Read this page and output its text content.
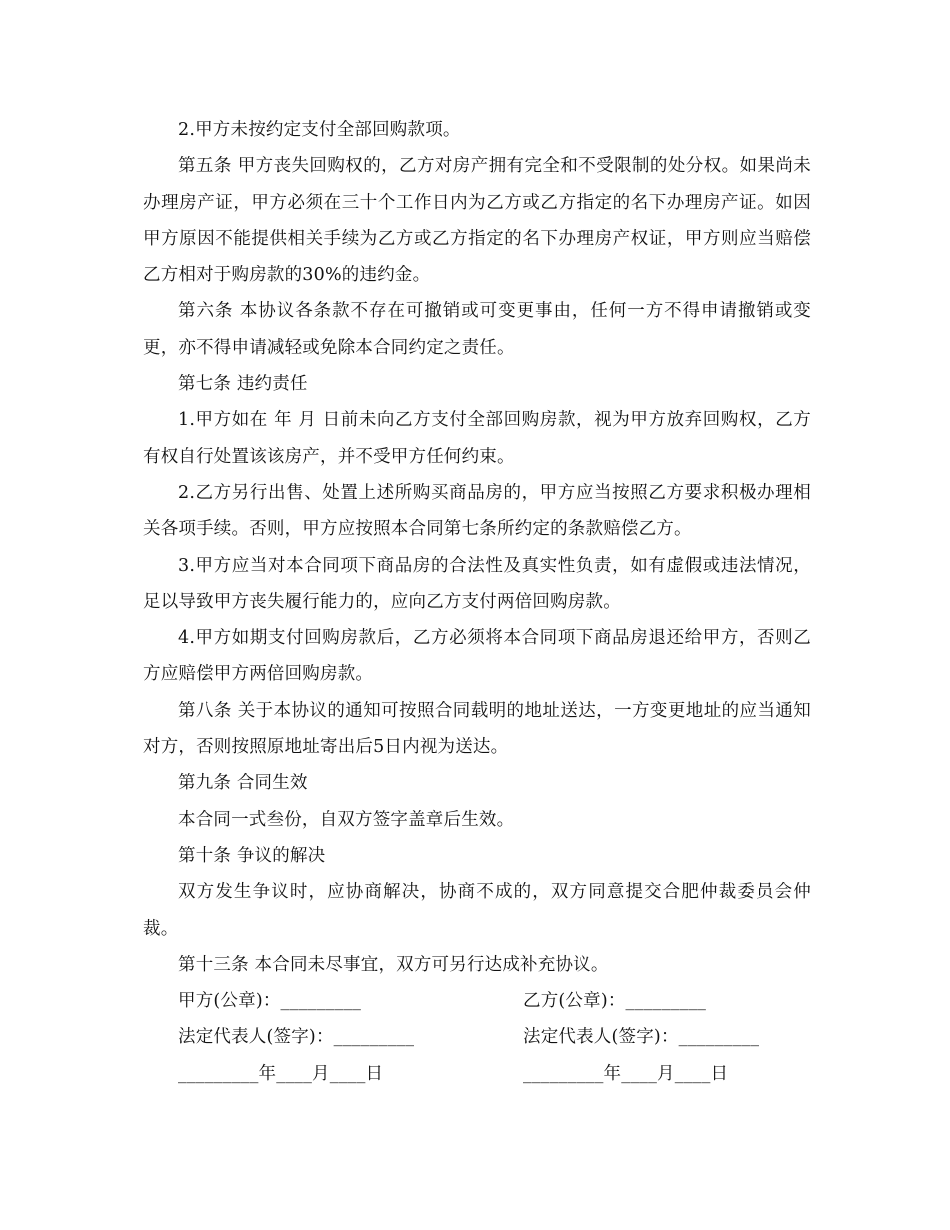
2.甲方未按约定支付全部回购款项。

第五条 甲方丧失回购权的，乙方对房产拥有完全和不受限制的处分权。如果尚未办理房产证，甲方必须在三十个工作日内为乙方或乙方指定的名下办理房产证。如因甲方原因不能提供相关手续为乙方或乙方指定的名下办理房产权证，甲方则应当赔偿乙方相对于购房款的30%的违约金。

第六条 本协议各条款不存在可撤销或可变更事由，任何一方不得申请撤销或变更，亦不得申请减轻或免除本合同约定之责任。

第七条 违约责任

1.甲方如在 年 月 日前未向乙方支付全部回购房款，视为甲方放弃回购权，乙方有权自行处置该该房产，并不受甲方任何约束。

2.乙方另行出售、处置上述所购买商品房的，甲方应当按照乙方要求积极办理相关各项手续。否则，甲方应按照本合同第七条所约定的条款赔偿乙方。

3.甲方应当对本合同项下商品房的合法性及真实性负责，如有虚假或违法情况，足以导致甲方丧失履行能力的，应向乙方支付两倍回购房款。

4.甲方如期支付回购房款后，乙方必须将本合同项下商品房退还给甲方，否则乙方应赔偿甲方两倍回购房款。

第八条 关于本协议的通知可按照合同载明的地址送达，一方变更地址的应当通知对方，否则按照原地址寄出后5日内视为送达。

第九条 合同生效

本合同一式叁份，自双方签字盖章后生效。

第十条 争议的解决

双方发生争议时，应协商解决，协商不成的，双方同意提交合肥仲裁委员会仲裁。

第十三条 本合同未尽事宜，双方可另行达成补充协议。

甲方(公章)：_________	乙方(公章)：_________
法定代表人(签字)：_________	法定代表人(签字)：_________
_________年____月____日	_________年____月____日
